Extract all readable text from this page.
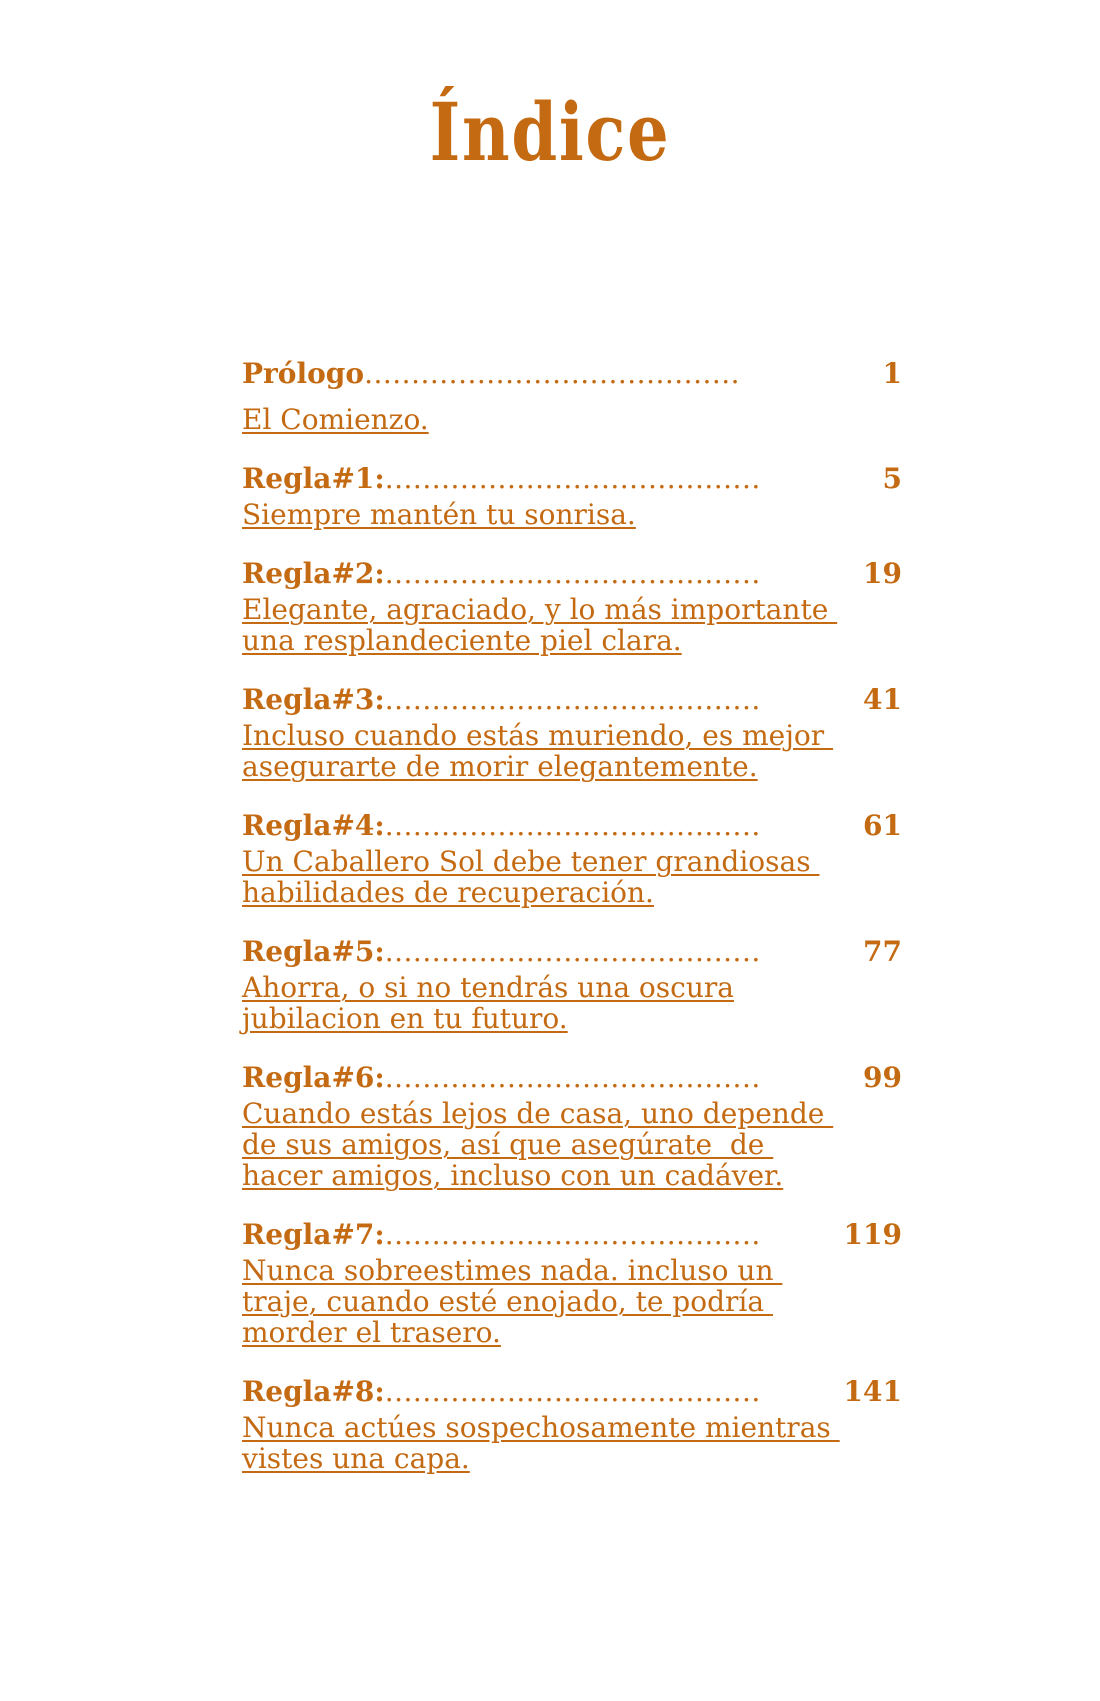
Índice
Prólogo........................................	1
El Comienzo.
Regla#1:........................................	5
Siempre mantén tu sonrisa.
Regla#2:........................................	19
Elegante, agraciado, y lo más importante
una resplandeciente piel clara.
Regla#3:........................................	41
Incluso cuando estás muriendo, es mejor
asegurarte de morir elegantemente.
Regla#4:........................................	61
Un Caballero Sol debe tener grandiosas
habilidades de recuperación.
Regla#5:........................................	77
Ahorra, o si no tendrás una oscura
jubilacion en tu futuro.
Regla#6:........................................	99
Cuando estás lejos de casa, uno depende
de sus amigos, así que asegúrate  de
hacer amigos, incluso con un cadáver.
Regla#7:........................................	119
Nunca sobreestimes nada. incluso un
traje, cuando esté enojado, te podría
morder el trasero.
Regla#8:........................................	141
Nunca actúes sospechosamente mientras
vistes una capa.
